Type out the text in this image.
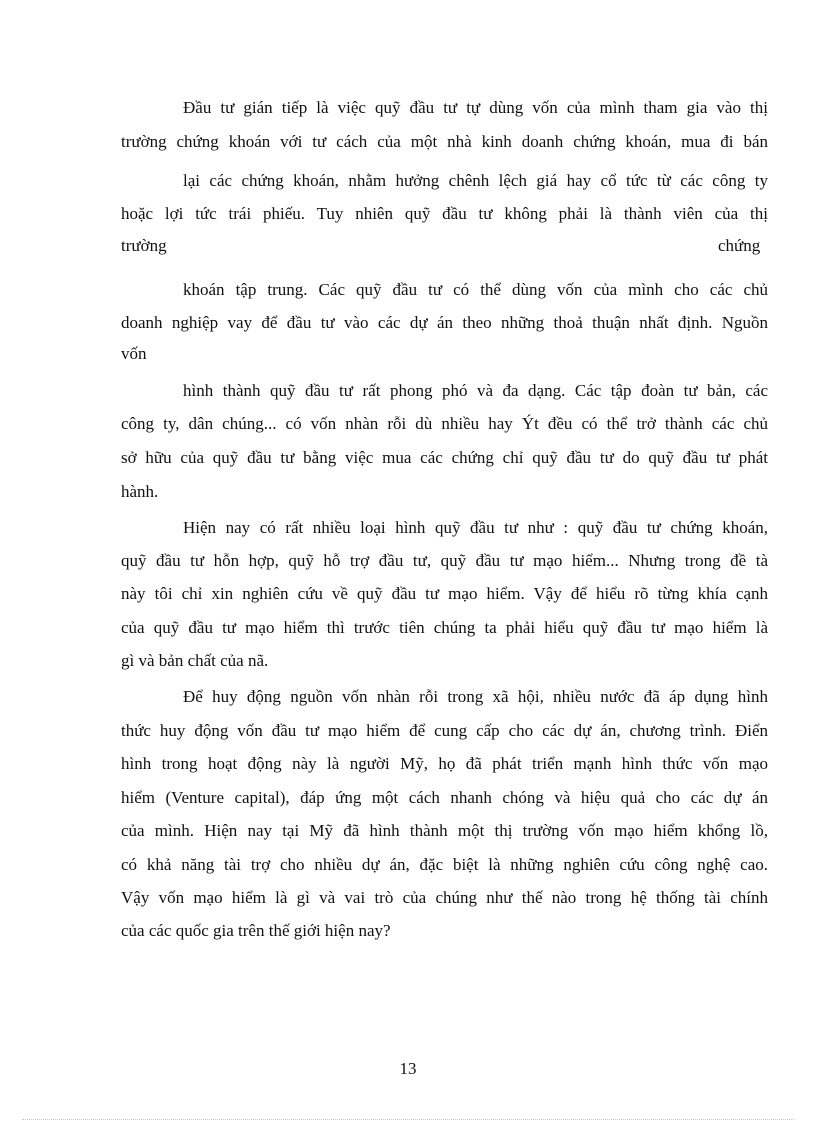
Đầu tư gián tiếp là việc quỹ đầu tư tự dùng vốn của mình tham gia vào thị
trường chứng khoán với tư cách của một nhà kinh doanh chứng khoán, mua đi bán
lại các chứng khoán, nhằm hưởng chênh lệch giá hay cổ tức từ các công ty
hoặc lợi tức trái phiếu. Tuy nhiên quỹ đầu tư không phải là thành viên của thị
trường	chứng
khoán tập trung. Các quỹ đầu tư có thể dùng vốn của mình cho các chủ
doanh nghiệp vay để đầu tư vào các dự án theo những thoả thuận nhất định. Nguồn
vốn
hình thành quỹ đầu tư rất phong phó và đa dạng. Các tập đoàn tư bản, các
công ty, dân chúng... có vốn nhàn rỗi dù nhiều hay Ýt đều có thể trở thành các chủ
sở hữu của quỹ đầu tư bằng việc mua các chứng chỉ quỹ đầu tư do quỹ đầu tư phát
hành.
Hiện nay có rất nhiều loại hình quỹ đầu tư như : quỹ đầu tư chứng khoán,
quỹ đầu tư hỗn hợp, quỹ hỗ trợ đầu tư, quỹ đầu tư mạo hiểm... Nhưng trong đề tà
này tôi chỉ xin nghiên cứu về quỹ đầu tư mạo hiểm. Vậy để hiểu rõ từng khía cạnh
của quỹ đầu tư mạo hiểm thì trước tiên chúng ta phải hiểu quỹ đầu tư mạo hiểm là
gì và bản chất của nã.
Để huy động nguồn vốn nhàn rỗi trong xã hội, nhiều nước đã áp dụng hình
thức huy động vốn đầu tư mạo hiểm để cung cấp cho các dự án, chương trình. Điển
hình trong hoạt động này là người Mỹ, họ đã phát triển mạnh hình thức vốn mạo
hiểm (Venture capital), đáp ứng một cách nhanh chóng và hiệu quả cho các dự án
của mình. Hiện nay tại Mỹ đã hình thành một thị trường vốn mạo hiểm khổng lồ,
có khả năng tài trợ cho nhiều dự án, đặc biệt là những nghiên cứu công nghệ cao.
Vậy vốn mạo hiểm là gì và vai trò của chúng như thế nào trong hệ thống tài chính
của các quốc gia trên thế giới hiện nay?
13
